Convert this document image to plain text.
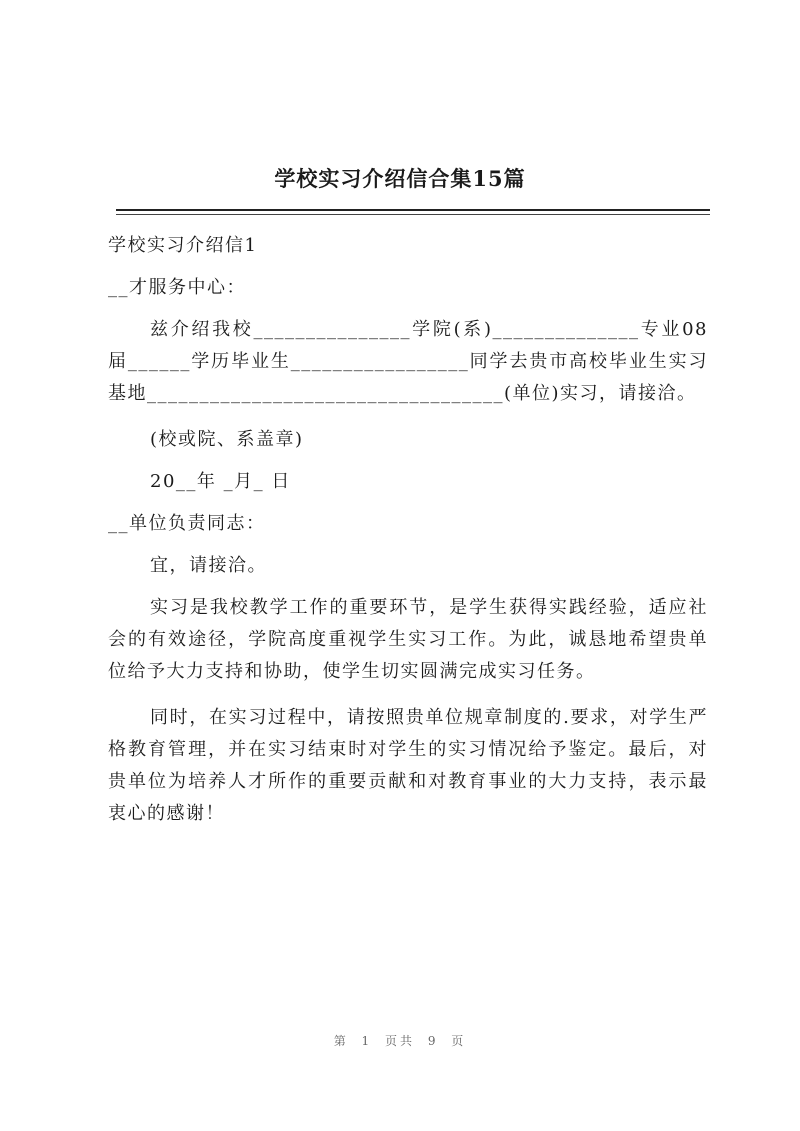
学校实习介绍信合集15篇

学校实习介绍信1

__才服务中心：

兹介绍我校_______________学院(系)______________专业08届______学历毕业生_________________同学去贵市高校毕业生实习基地__________________________________(单位)实习，请接洽。

(校或院、系盖章)

20__年 _月_ 日

__单位负责同志：

宜，请接洽。

实习是我校教学工作的重要环节，是学生获得实践经验，适应社会的有效途径，学院高度重视学生实习工作。为此，诚恳地希望贵单位给予大力支持和协助，使学生切实圆满完成实习任务。

同时，在实习过程中，请按照贵单位规章制度的.要求，对学生严格教育管理，并在实习结束时对学生的实习情况给予鉴定。最后，对贵单位为培养人才所作的重要贡献和对教育事业的大力支持，表示最衷心的感谢！

第 1 页共 9 页
